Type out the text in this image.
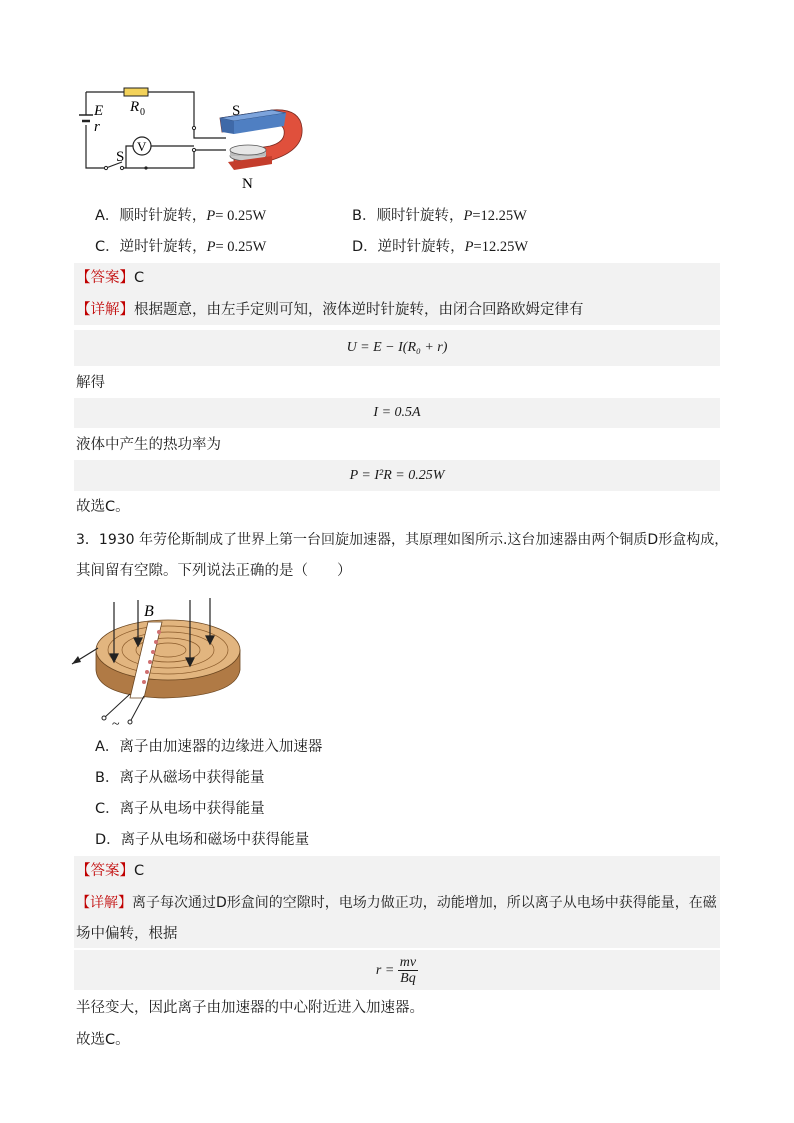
E
r
R 0
V
S
S
N
A．顺时针旋转，P= 0.25W	B．顺时针旋转，P=12.25W
C．逆时针旋转，P= 0.25W	D．逆时针旋转，P=12.25W
【答案】C
【详解】根据题意，由左手定则可知，液体逆时针旋转，由闭合回路欧姆定律有
U = E − I(R₀ + r)
解得
I = 0.5A
液体中产生的热功率为
P = I²R = 0.25W
故选C。
3．1930 年劳伦斯制成了世界上第一台回旋加速器，其原理如图所示.这台加速器由两个铜质D形盒构成，
其间留有空隙。下列说法正确的是（　　）
B
~
A．离子由加速器的边缘进入加速器
B．离子从磁场中获得能量
C．离子从电场中获得能量
D．离子从电场和磁场中获得能量
【答案】C
【详解】离子每次通过D形盒间的空隙时，电场力做正功，动能增加，所以离子从电场中获得能量，在磁
场中偏转，根据
$r = \frac{mv}{Bq}$
半径变大，因此离子由加速器的中心附近进入加速器。
故选C。
